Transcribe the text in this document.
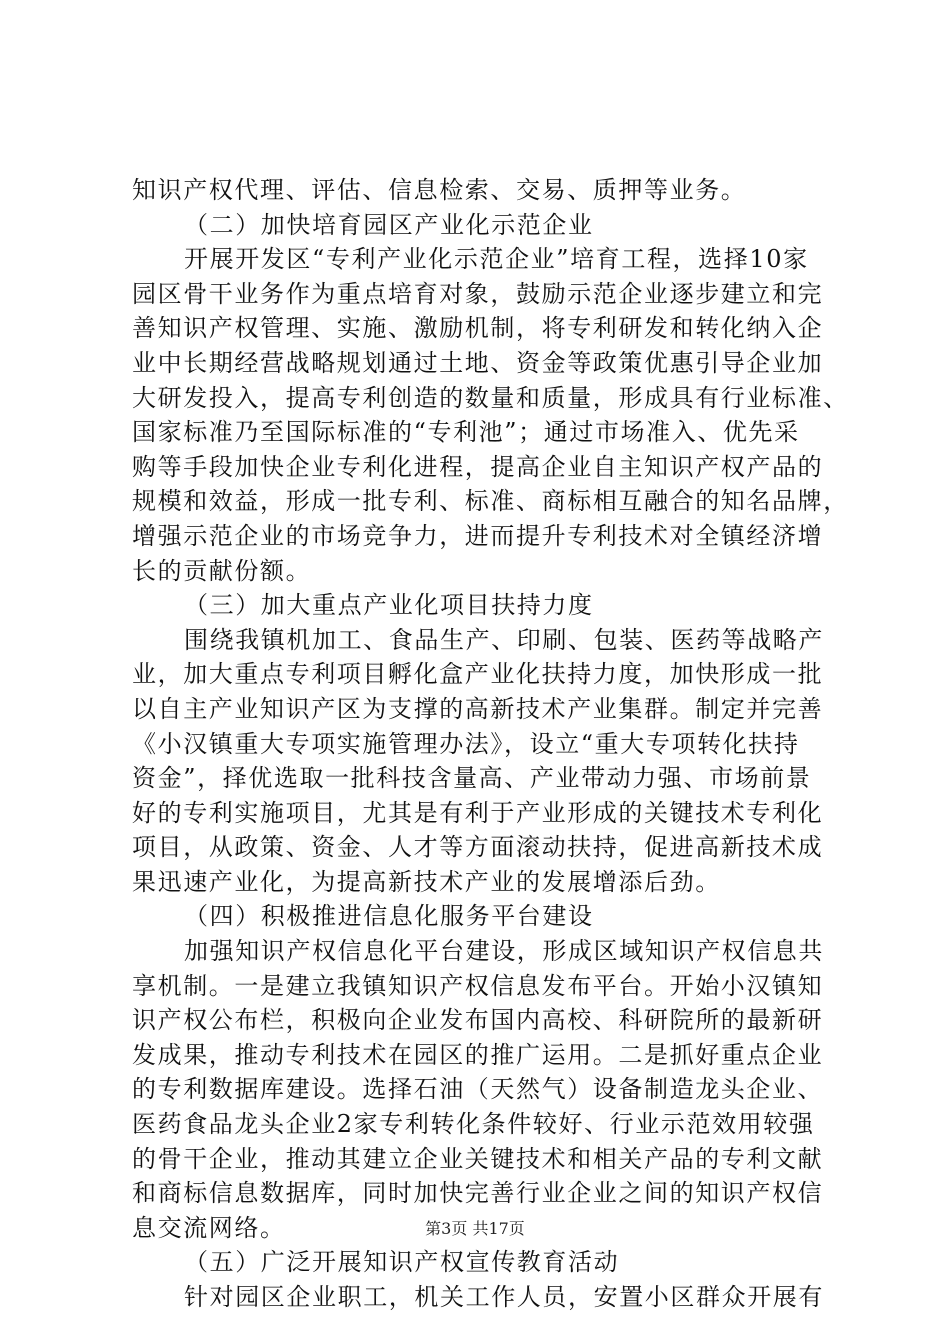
知识产权代理、评估、信息检索、交易、质押等业务。
（二）加快培育园区产业化示范企业
开展开发区“专利产业化示范企业”培育工程，选择10家
园区骨干业务作为重点培育对象，鼓励示范企业逐步建立和完
善知识产权管理、实施、激励机制，将专利研发和转化纳入企
业中长期经营战略规划通过土地、资金等政策优惠引导企业加
大研发投入，提高专利创造的数量和质量，形成具有行业标准、
国家标准乃至国际标准的“专利池”；通过市场准入、优先采
购等手段加快企业专利化进程，提高企业自主知识产权产品的
规模和效益，形成一批专利、标准、商标相互融合的知名品牌，
增强示范企业的市场竞争力，进而提升专利技术对全镇经济增
长的贡献份额。
（三）加大重点产业化项目扶持力度
围绕我镇机加工、食品生产、印刷、包装、医药等战略产
业，加大重点专利项目孵化盒产业化扶持力度，加快形成一批
以自主产业知识产区为支撑的高新技术产业集群。制定并完善
《小汉镇重大专项实施管理办法》，设立“重大专项转化扶持
资金”，择优选取一批科技含量高、产业带动力强、市场前景
好的专利实施项目，尤其是有利于产业形成的关键技术专利化
项目，从政策、资金、人才等方面滚动扶持，促进高新技术成
果迅速产业化，为提高新技术产业的发展增添后劲。
（四）积极推进信息化服务平台建设
加强知识产权信息化平台建设，形成区域知识产权信息共
享机制。一是建立我镇知识产权信息发布平台。开始小汉镇知
识产权公布栏，积极向企业发布国内高校、科研院所的最新研
发成果，推动专利技术在园区的推广运用。二是抓好重点企业
的专利数据库建设。选择石油（天然气）设备制造龙头企业、
医药食品龙头企业2家专利转化条件较好、行业示范效用较强
的骨干企业，推动其建立企业关键技术和相关产品的专利文献
和商标信息数据库，同时加快完善行业企业之间的知识产权信
息交流网络。
（五）广泛开展知识产权宣传教育活动
针对园区企业职工，机关工作人员，安置小区群众开展有
第3页 共17页
